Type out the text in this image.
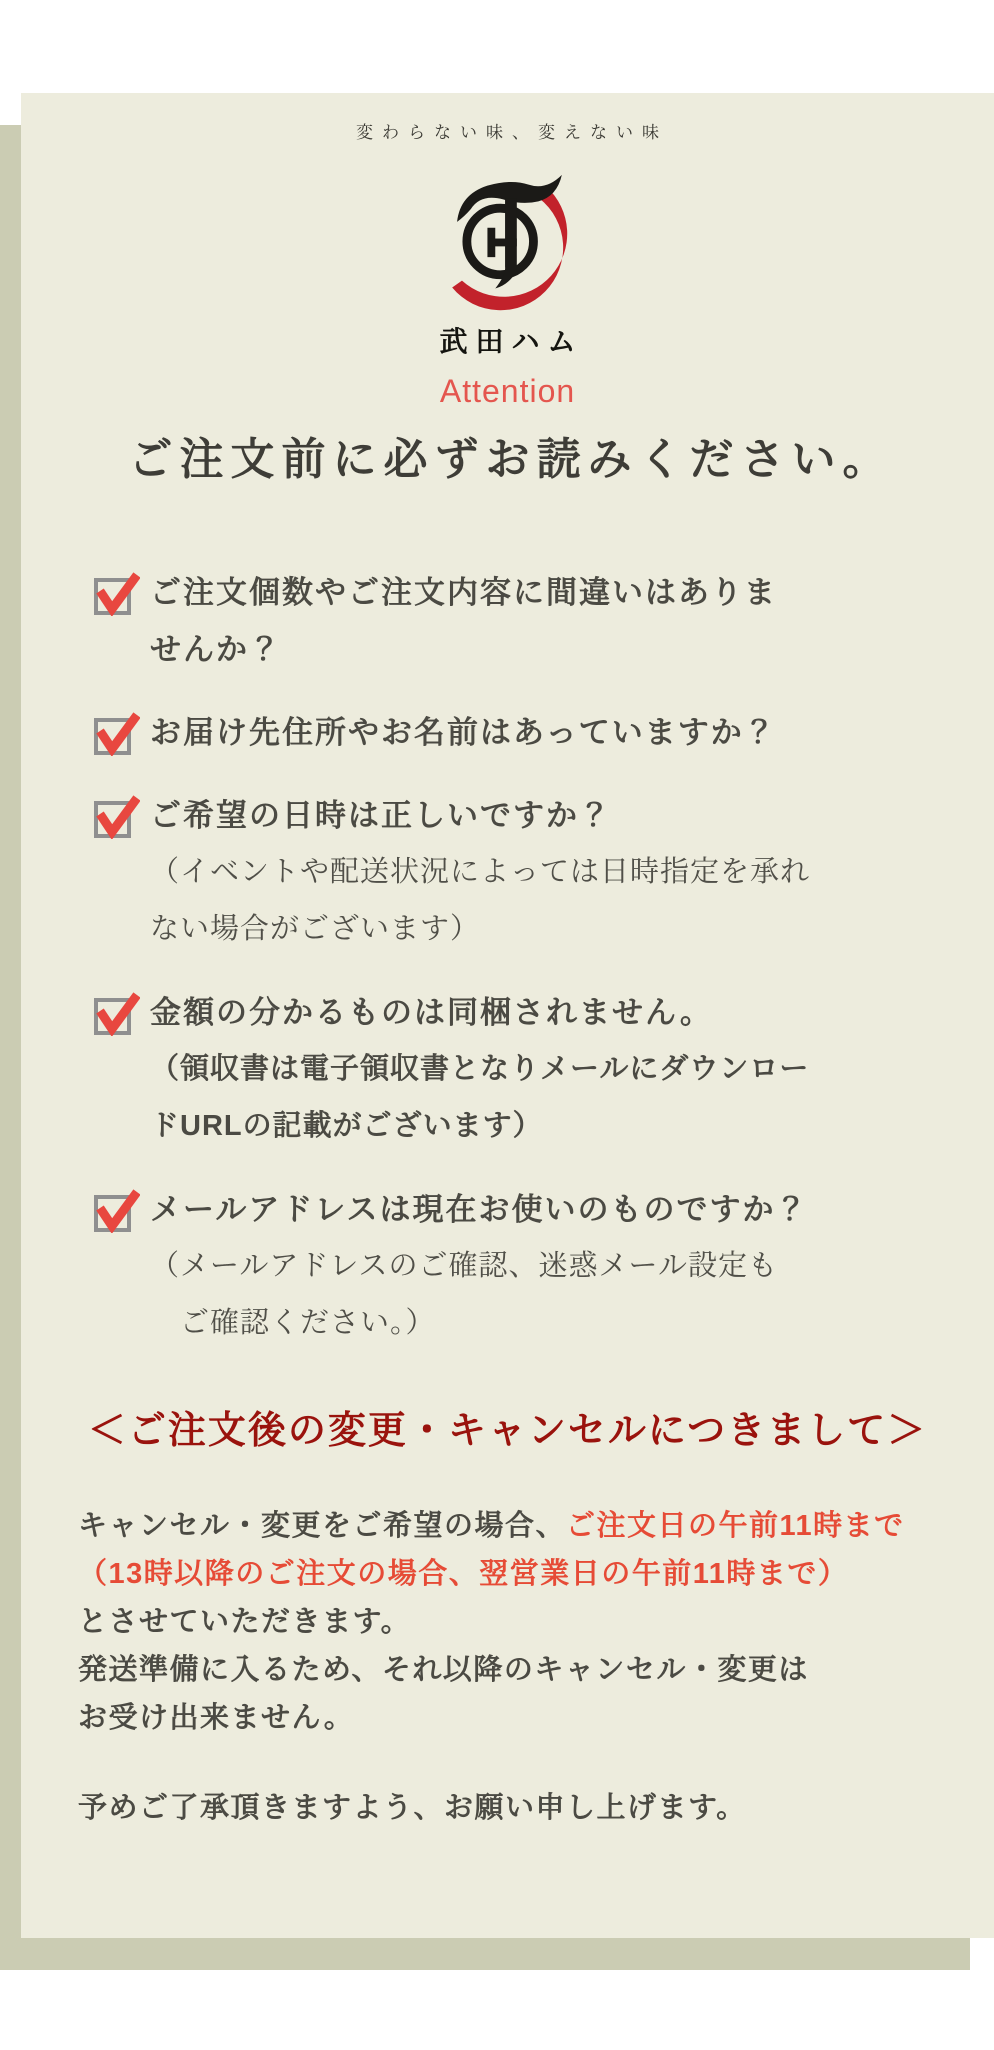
変わらない味、変えない味
武田ハム
Attention
ご注文前に必ずお読みください。
ご注文個数やご注文内容に間違いはありま
せんか？
お届け先住所やお名前はあっていますか？
ご希望の日時は正しいですか？
（イベントや配送状況によっては日時指定を承れ
ない場合がございます）
金額の分かるものは同梱されません。
（領収書は電子領収書となりメールにダウンロー
ドURLの記載がございます）
メールアドレスは現在お使いのものですか？
（メールアドレスのご確認、迷惑メール設定も
　ご確認ください。）
＜ご注文後の変更・キャンセルにつきまして＞
キャンセル・変更をご希望の場合、ご注文日の午前11時まで
（13時以降のご注文の場合、翌営業日の午前11時まで）
とさせていただきます。
発送準備に入るため、それ以降のキャンセル・変更は
お受け出来ません。
予めご了承頂きますよう、お願い申し上げます。
